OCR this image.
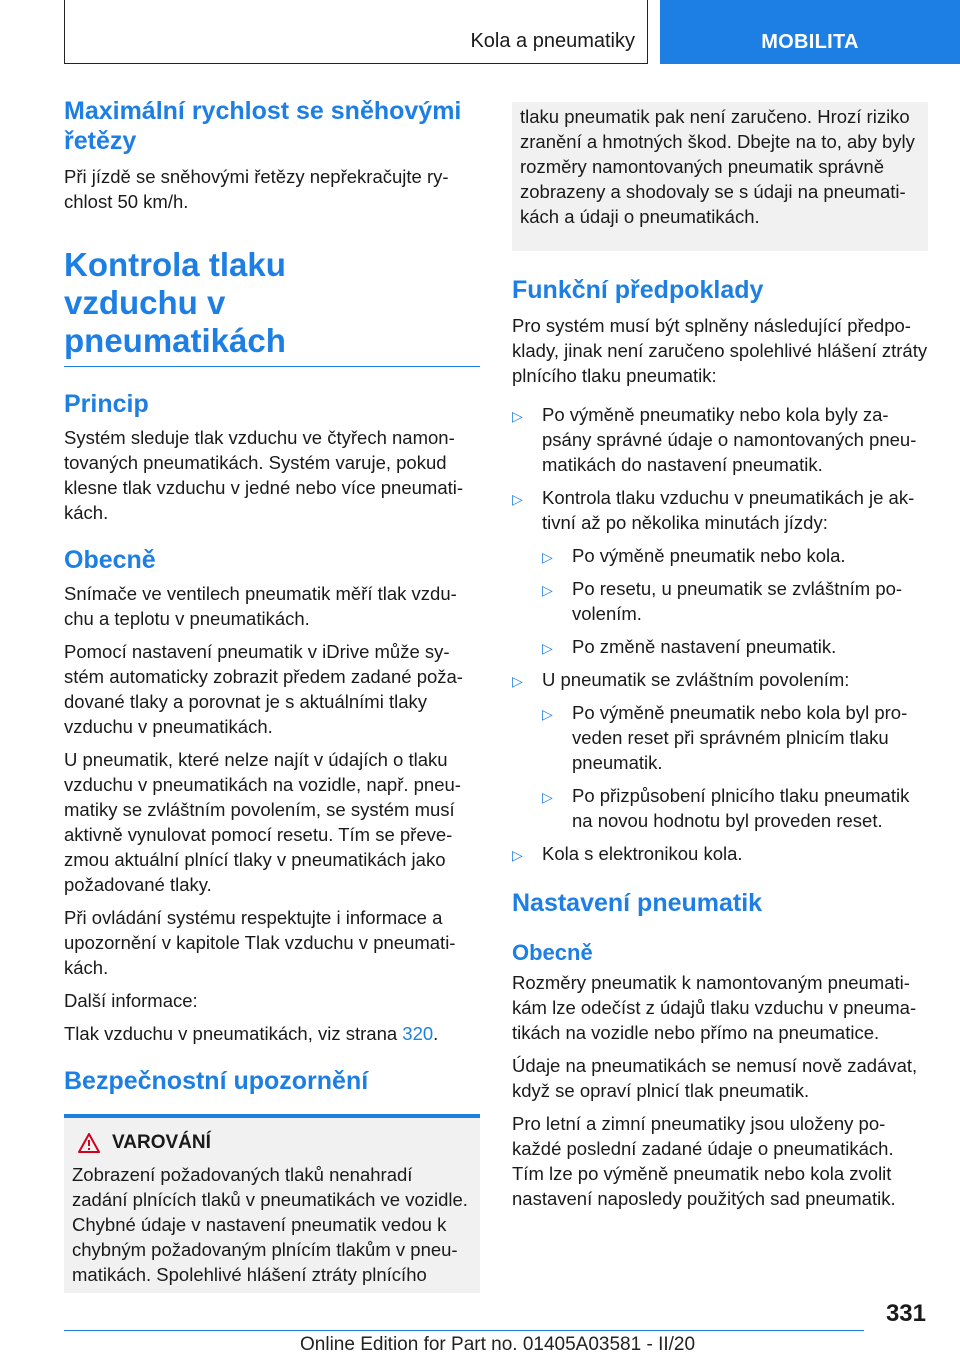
Kola a pneumatiky	MOBILITA
Maximální rychlost se sněhovými řetězy

Při jízdě se sněhovými řetězy nepřekračujte ry-chlost 50 km/h.

Kontrola tlaku vzduchu v pneumatikách
Princip

Systém sleduje tlak vzduchu ve čtyřech namon-tovaných pneumatikách. Systém varuje, pokud klesne tlak vzduchu v jedné nebo více pneumati-kách.

Obecně

Snímače ve ventilech pneumatik měří tlak vzdu-chu a teplotu v pneumatikách.

Pomocí nastavení pneumatik v iDrive může sy-stém automaticky zobrazit předem zadané poža-dované tlaky a porovnat je s aktuálními tlaky vzduchu v pneumatikách.

U pneumatik, které nelze najít v údajích o tlaku vzduchu v pneumatikách na vozidle, např. pneu-matiky se zvláštním povolením, se systém musí aktivně vynulovat pomocí resetu. Tím se převe-zmou aktuální plnící tlaky v pneumatikách jako požadované tlaky.

Při ovládání systému respektujte i informace a upozornění v kapitole Tlak vzduchu v pneumati-kách.

Další informace:

Tlak vzduchu v pneumatikách, viz strana 320.

Bezpečnostní upozornění
VAROVÁNÍ

Zobrazení požadovaných tlaků nenahradí zadání plnících tlaků v pneumatikách ve vozidle. Chybné údaje v nastavení pneumatik vedou k chybným požadovaným plnícím tlakům v pneu-matikách. Spolehlivé hlášení ztráty plnícího

tlaku pneumatik pak není zaručeno. Hrozí riziko zranění a hmotných škod. Dbejte na to, aby byly rozměry namontovaných pneumatik správně zobrazeny a shodovaly se s údaji na pneumati-kách a údaji o pneumatikách.

Funkční předpoklady

Pro systém musí být splněny následující předpo-klady, jinak není zaručeno spolehlivé hlášení ztráty plnícího tlaku pneumatik:

▷ Po výměně pneumatiky nebo kola byly za-psány správné údaje o namontovaných pneu-matikách do nastavení pneumatik.
▷ Kontrola tlaku vzduchu v pneumatikách je ak-tivní až po několika minutách jízdy:
▷ Po výměně pneumatik nebo kola.
▷ Po resetu, u pneumatik se zvláštním po-volením.
▷ Po změně nastavení pneumatik.
▷ U pneumatik se zvláštním povolením:
▷ Po výměně pneumatik nebo kola byl pro-veden reset při správném plnicím tlaku pneumatik.
▷ Po přizpůsobení plnicího tlaku pneumatik na novou hodnotu byl proveden reset.
▷ Kola s elektronikou kola.
Nastavení pneumatik
Obecně

Rozměry pneumatik k namontovaným pneumati-kám lze odečíst z údajů tlaku vzduchu v pneuma-tikách na vozidle nebo přímo na pneumatice.

Údaje na pneumatikách se nemusí nově zadávat, když se opraví plnicí tlak pneumatik.

Pro letní a zimní pneumatiky jsou uloženy po-každé poslední zadané údaje o pneumatikách. Tím lze po výměně pneumatik nebo kola zvolit nastavení naposledy použitých sad pneumatik.

331
Online Edition for Part no. 01405A03581 - II/20
